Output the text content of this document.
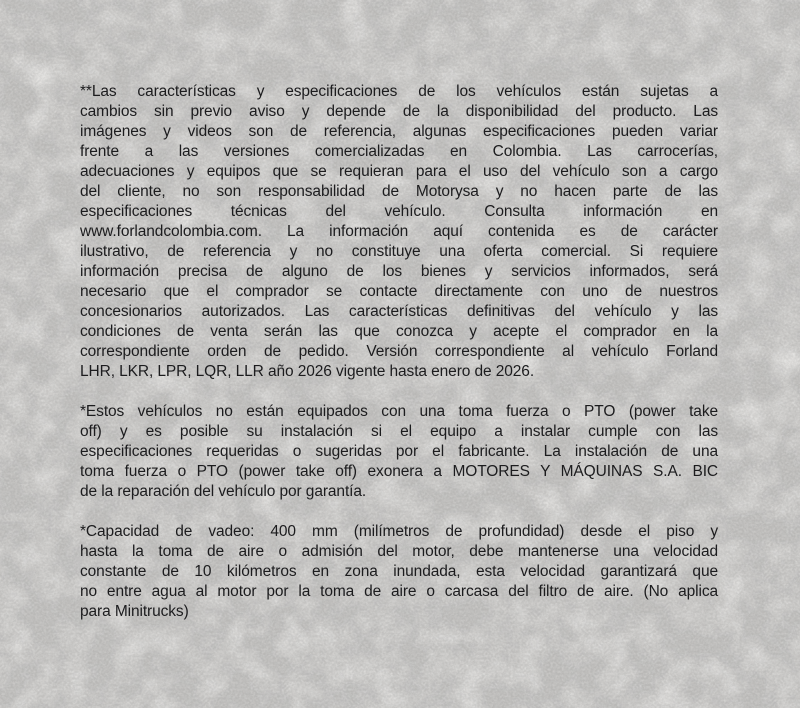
**Las características y especificaciones de los vehículos están sujetas a
cambios sin previo aviso y depende de la disponibilidad del producto. Las
imágenes y videos son de referencia, algunas especificaciones pueden variar
frente a las versiones comercializadas en Colombia. Las carrocerías,
adecuaciones y equipos que se requieran para el uso del vehículo son a cargo
del cliente, no son responsabilidad de Motorysa y no hacen parte de las
especificaciones técnicas del vehículo. Consulta información en
www.forlandcolombia.com. La información aquí contenida es de carácter
ilustrativo, de referencia y no constituye una oferta comercial. Si requiere
información precisa de alguno de los bienes y servicios informados, será
necesario que el comprador se contacte directamente con uno de nuestros
concesionarios autorizados. Las características definitivas del vehículo y las
condiciones de venta serán las que conozca y acepte el comprador en la
correspondiente orden de pedido. Versión correspondiente al vehículo Forland
LHR, LKR, LPR, LQR, LLR año 2026 vigente hasta enero de 2026.
*Estos vehículos no están equipados con una toma fuerza o PTO (power take
off) y es posible su instalación si el equipo a instalar cumple con las
especificaciones requeridas o sugeridas por el fabricante. La instalación de una
toma fuerza o PTO (power take off) exonera a MOTORES Y MÁQUINAS S.A. BIC
de la reparación del vehículo por garantía.
*Capacidad de vadeo: 400 mm (milímetros de profundidad) desde el piso y
hasta la toma de aire o admisión del motor, debe mantenerse una velocidad
constante de 10 kilómetros en zona inundada, esta velocidad garantizará que
no entre agua al motor por la toma de aire o carcasa del filtro de aire. (No aplica
para Minitrucks)
